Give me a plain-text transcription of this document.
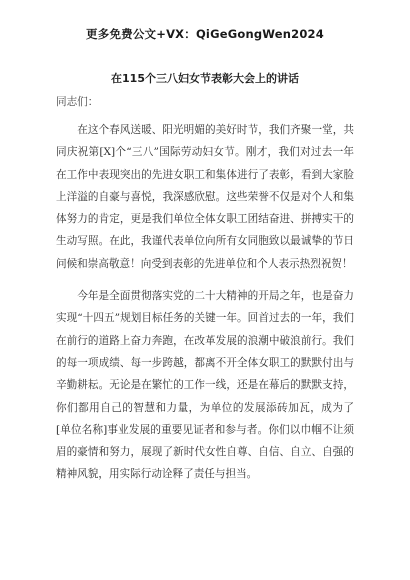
更多免费公文+VX：QiGeGongWen2024
在115个三八妇女节表彰大会上的讲话
同志们：

在这个春风送暖、阳光明媚的美好时节，我们齐聚一堂，共同庆祝第[X]个“三八”国际劳动妇女节。刚才，我们对过去一年在工作中表现突出的先进女职工和集体进行了表彰，看到大家脸上洋溢的自豪与喜悦，我深感欣慰。这些荣誉不仅是对个人和集体努力的肯定，更是我们单位全体女职工团结奋进、拼搏实干的生动写照。在此，我谨代表单位向所有女同胞致以最诚挚的节日问候和崇高敬意！向受到表彰的先进单位和个人表示热烈祝贺！

今年是全面贯彻落实党的二十大精神的开局之年，也是奋力实现“十四五”规划目标任务的关键一年。回首过去的一年，我们在前行的道路上奋力奔跑，在改革发展的浪潮中破浪前行。我们的每一项成绩、每一步跨越，都离不开全体女职工的默默付出与辛勤耕耘。无论是在繁忙的工作一线，还是在幕后的默默支持，你们都用自己的智慧和力量，为单位的发展添砖加瓦，成为了[单位名称]事业发展的重要见证者和参与者。你们以巾帼不让须眉的豪情和努力，展现了新时代女性自尊、自信、自立、自强的精神风貌，用实际行动诠释了责任与担当。
